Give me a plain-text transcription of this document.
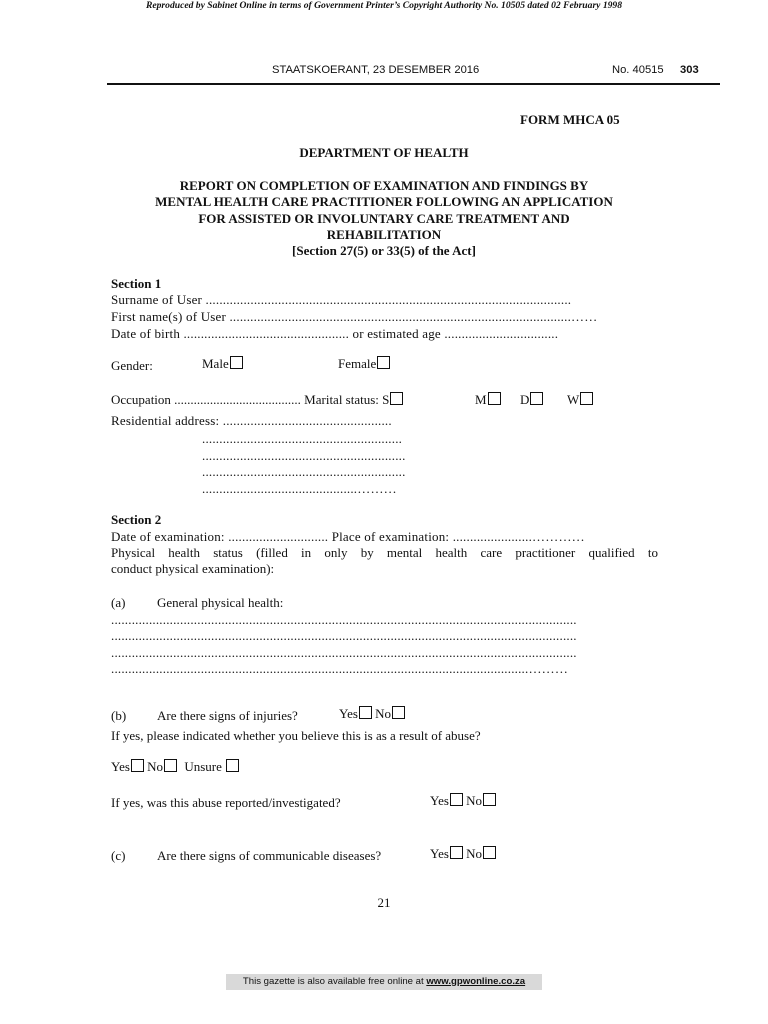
Reproduced by Sabinet Online in terms of Government Printer’s Copyright Authority No. 10505 dated 02 February 1998
STAATSKOERANT, 23 DESEMBER 2016	No. 40515 303
FORM MHCA 05
DEPARTMENT OF HEALTH
REPORT ON COMPLETION OF EXAMINATION AND FINDINGS BY
MENTAL HEALTH CARE PRACTITIONER FOLLOWING AN APPLICATION
FOR ASSISTED OR INVOLUNTARY CARE TREATMENT AND
REHABILITATION
[Section 27(5) or 33(5) of the Act]
Section 1
Surname of User ..........................................................................................................
First name(s) of User ...................................................................................................……
Date of birth ................................................ or estimated age .................................
Gender:	Male	Female
Occupation ....................................... Marital status: S	M	D	W
Residential address: .................................................
..........................................................
...........................................................
...........................................................
.............................................………
Section 2
Date of examination: ............................. Place of examination: .......................…………
Physical health status (filled in only by mental health care practitioner qualified to
conduct physical examination):
(a) General physical health:
.......................................................................................................................................
.......................................................................................................................................
.......................................................................................................................................
.........................................................................................................................………
(b) Are there signs of injuries?	Yes No
If yes, please indicated whether you believe this is as a result of abuse?
Yes No Unsure
If yes, was this abuse reported/investigated?	Yes No
(c) Are there signs of communicable diseases?	Yes No
21
This gazette is also available free online at www.gpwonline.co.za
